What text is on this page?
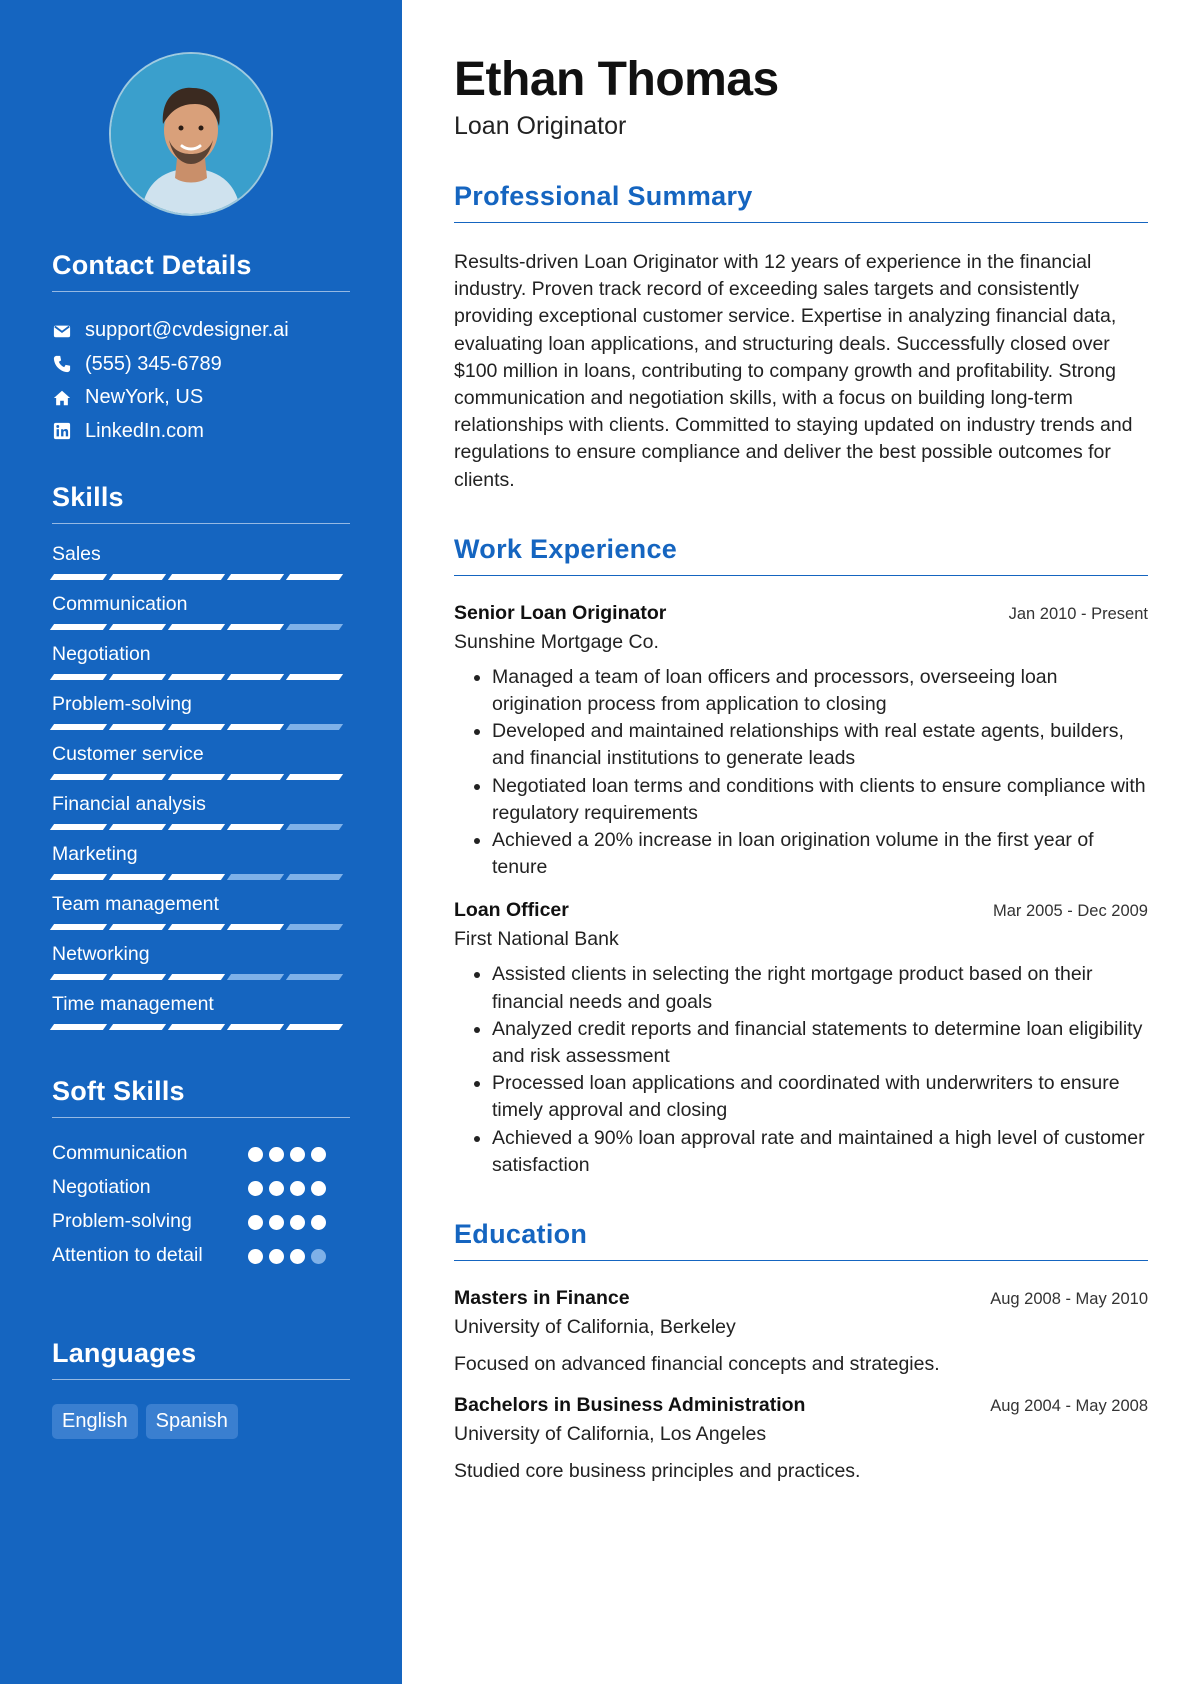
Contact Details
support@cvdesigner.ai
(555) 345-6789
NewYork, US
LinkedIn.com
Skills
Sales
Communication
Negotiation
Problem-solving
Customer service
Financial analysis
Marketing
Team management
Networking
Time management
Soft Skills
Communication
Negotiation
Problem-solving
Attention to detail
Languages
English	Spanish
Ethan Thomas

Loan Originator

Professional Summary

Results-driven Loan Originator with 12 years of experience in the financial industry. Proven track record of exceeding sales targets and consistently providing exceptional customer service. Expertise in analyzing financial data, evaluating loan applications, and structuring deals. Successfully closed over $100 million in loans, contributing to company growth and profitability. Strong communication and negotiation skills, with a focus on building long-term relationships with clients. Committed to staying updated on industry trends and regulations to ensure compliance and deliver the best possible outcomes for clients.

Work Experience
Senior Loan Originator	Jan 2010 - Present
Sunshine Mortgage Co.
• Managed a team of loan officers and processors, overseeing loan origination process from application to closing
• Developed and maintained relationships with real estate agents, builders, and financial institutions to generate leads
• Negotiated loan terms and conditions with clients to ensure compliance with regulatory requirements
• Achieved a 20% increase in loan origination volume in the first year of tenure
Loan Officer	Mar 2005 - Dec 2009
First National Bank
• Assisted clients in selecting the right mortgage product based on their financial needs and goals
• Analyzed credit reports and financial statements to determine loan eligibility and risk assessment
• Processed loan applications and coordinated with underwriters to ensure timely approval and closing
• Achieved a 90% loan approval rate and maintained a high level of customer satisfaction
Education
Masters in Finance	Aug 2008 - May 2010
University of California, Berkeley
Focused on advanced financial concepts and strategies.
Bachelors in Business Administration	Aug 2004 - May 2008
University of California, Los Angeles
Studied core business principles and practices.
